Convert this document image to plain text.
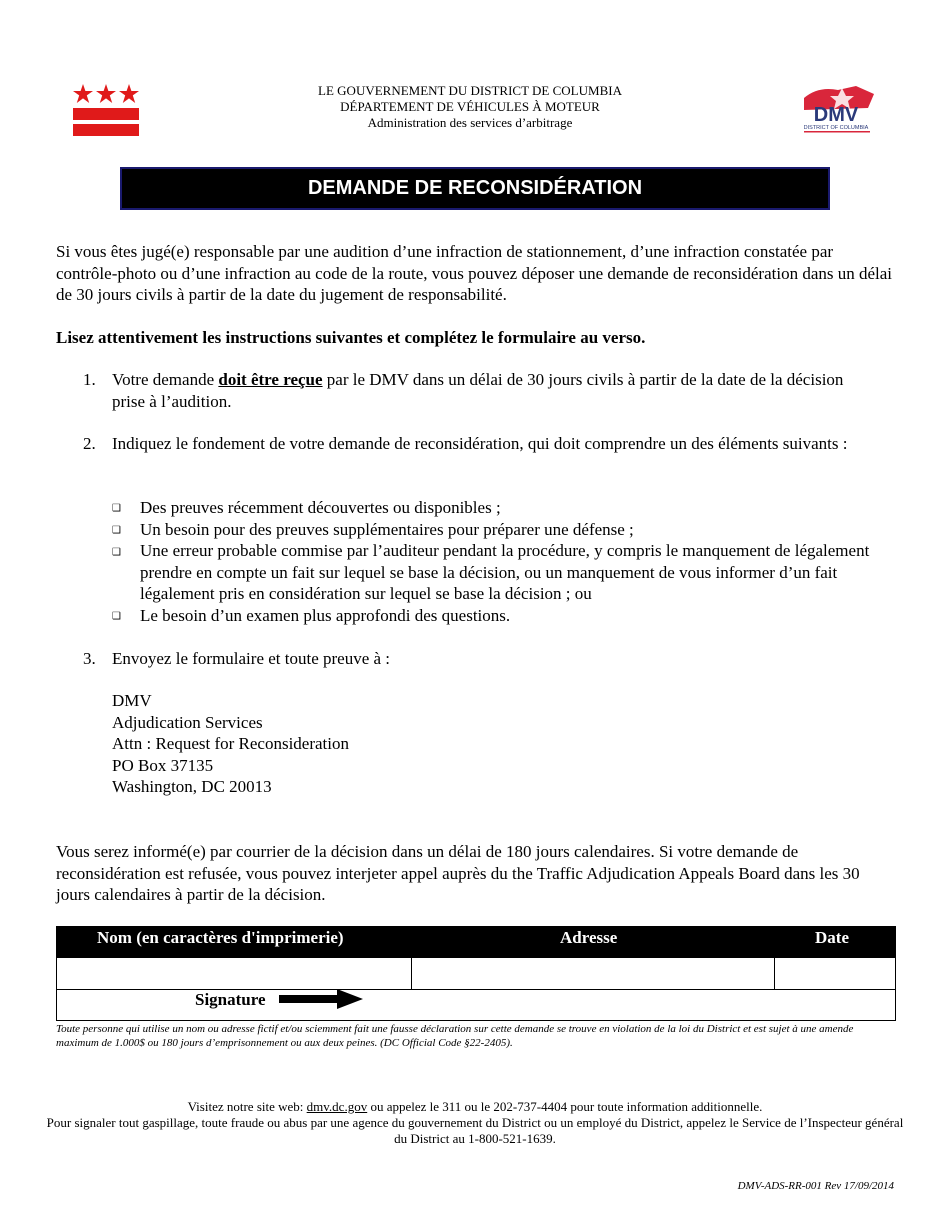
LE GOUVERNEMENT DU DISTRICT DE COLUMBIA
DÉPARTEMENT DE VÉHICULES À MOTEUR
Administration des services d’arbitrage	DMV
DISTRICT OF COLUMBIA
DEMANDE DE RECONSIDÉRATION
Si vous êtes jugé(e) responsable par une audition d’une infraction de stationnement, d’une infraction constatée par contrôle-photo ou d’une infraction au code de la route, vous pouvez déposer une demande de reconsidération dans un délai de 30 jours civils à partir de la date du jugement de responsabilité.
Lisez attentivement les instructions suivantes et complétez le formulaire au verso.
1. Votre demande doit être reçue par le DMV dans un délai de 30 jours civils à partir de la date de la décision prise à l’audition.
2. Indiquez le fondement de votre demande de reconsidération, qui doit comprendre un des éléments suivants :
❑ Des preuves récemment découvertes ou disponibles ;
❑ Un besoin pour des preuves supplémentaires pour préparer une défense ;
❑ Une erreur probable commise par l’auditeur pendant la procédure, y compris le manquement de légalement prendre en compte un fait sur lequel se base la décision, ou un manquement de vous informer d’un fait légalement pris en considération sur lequel se base la décision ; ou
❑ Le besoin d’un examen plus approfondi des questions.
3. Envoyez le formulaire et toute preuve à :
DMV
Adjudication Services
Attn : Request for Reconsideration
PO Box 37135
Washington, DC 20013
Vous serez informé(e) par courrier de la décision dans un délai de 180 jours calendaires. Si votre demande de reconsidération est refusée, vous pouvez interjeter appel auprès du the Traffic Adjudication Appeals Board dans les 30 jours calendaires à partir de la décision.
Nom (en caractères d'imprimerie)	Adresse	Date
Signature
Toute personne qui utilise un nom ou adresse fictif et/ou sciemment fait une fausse déclaration sur cette demande se trouve en violation de la loi du District et est sujet à une amende maximum de 1.000$ ou 180 jours d’emprisonnement ou aux deux peines. (DC Official Code §22-2405).
Visitez notre site web: dmv.dc.gov ou appelez le 311 ou le 202-737-4404 pour toute information additionnelle.
Pour signaler tout gaspillage, toute fraude ou abus par une agence du gouvernement du District ou un employé du District, appelez le Service de l’Inspecteur général du District au 1-800-521-1639.
DMV-ADS-RR-001 Rev 17/09/2014
